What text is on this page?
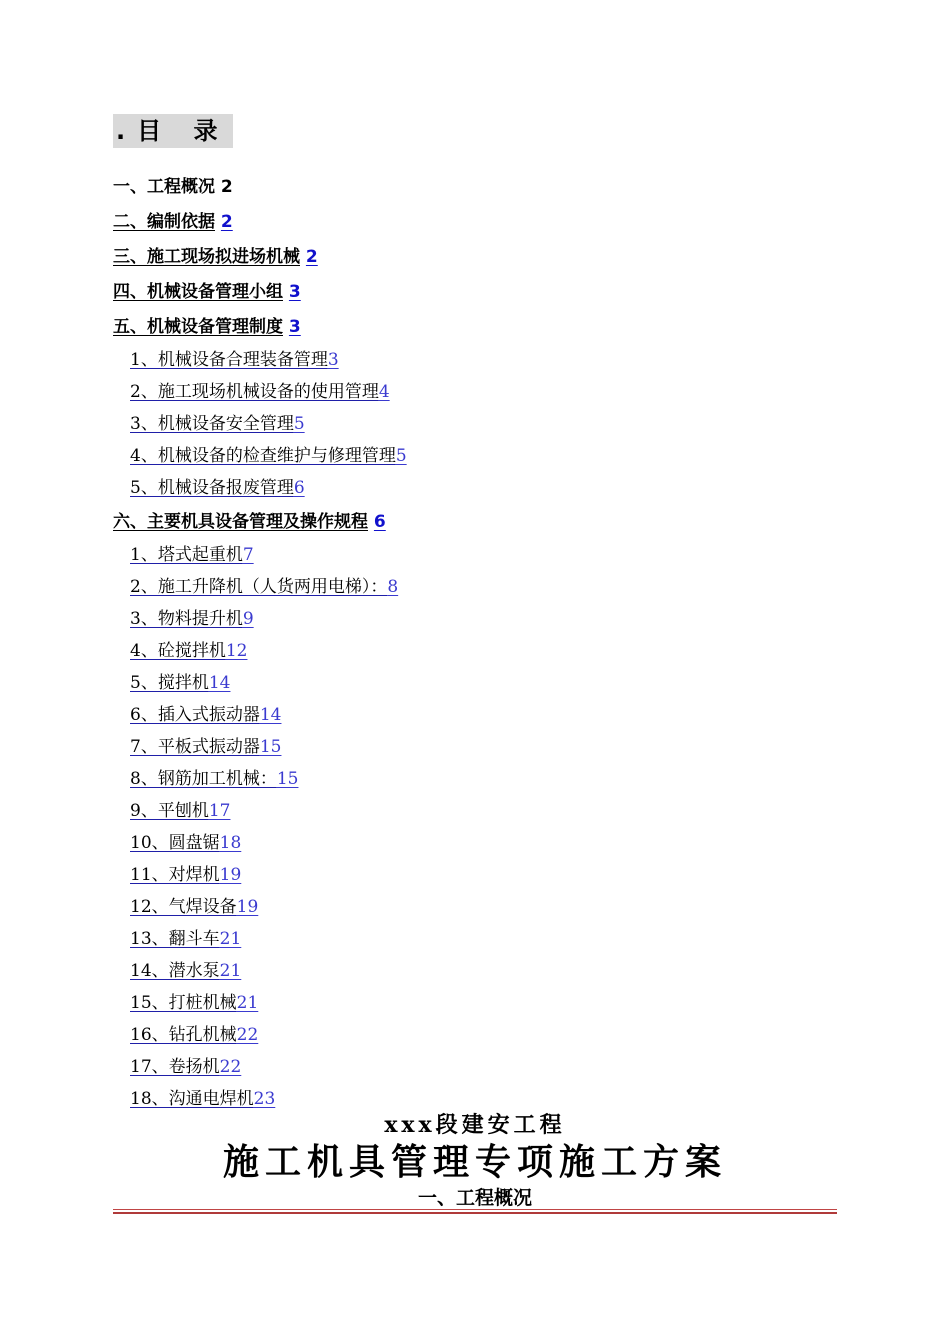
.目 录
一、工程概况 2
二、编制依据 2
三、施工现场拟进场机械 2
四、机械设备管理小组 3
五、机械设备管理制度 3
1、机械设备合理装备管理3
2、施工现场机械设备的使用管理4
3、机械设备安全管理5
4、机械设备的检查维护与修理管理5
5、机械设备报废管理6
六、主要机具设备管理及操作规程 6
1、塔式起重机7
2、施工升降机（人货两用电梯）：8
3、物料提升机9
4、砼搅拌机12
5、搅拌机14
6、插入式振动器14
7、平板式振动器15
8、钢筋加工机械：15
9、平刨机17
10、圆盘锯18
11、对焊机19
12、气焊设备19
13、翻斗车21
14、潜水泵21
15、打桩机械21
16、钻孔机械22
17、卷扬机22
18、沟通电焊机23
xxx段建安工程
施工机具管理专项施工方案
一、工程概况
